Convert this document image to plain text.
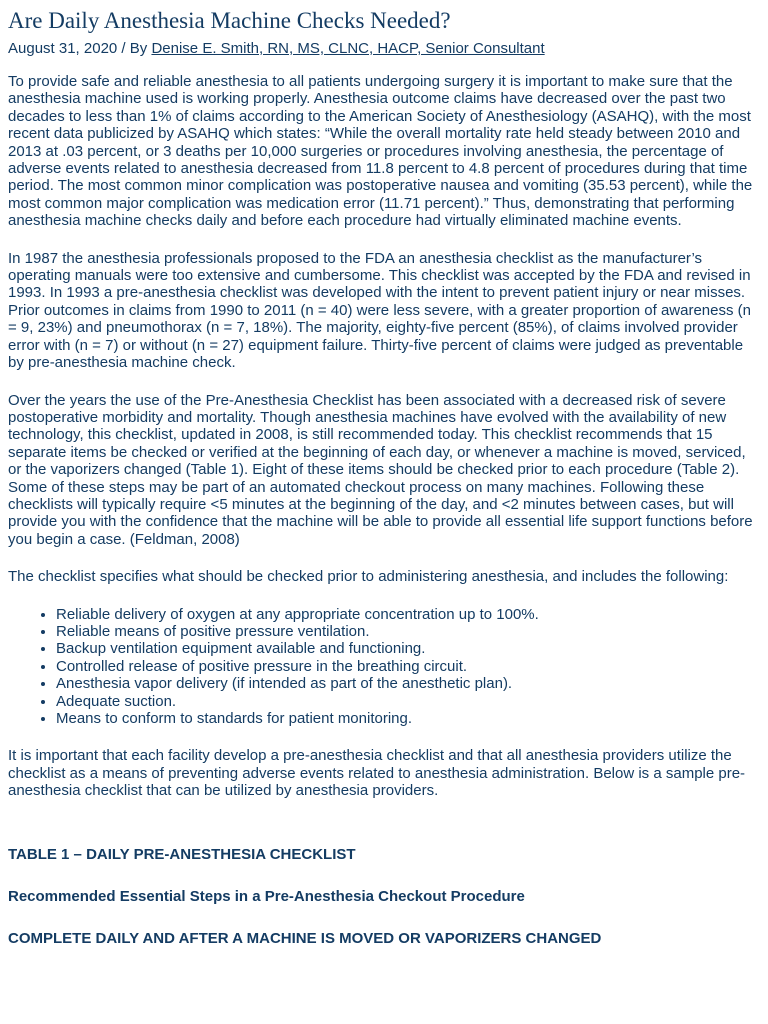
Are Daily Anesthesia Machine Checks Needed?
August 31, 2020 / By Denise E. Smith, RN, MS, CLNC, HACP, Senior Consultant

To provide safe and reliable anesthesia to all patients undergoing surgery it is important to make sure that the anesthesia machine used is working properly. Anesthesia outcome claims have decreased over the past two decades to less than 1% of claims according to the American Society of Anesthesiology (ASAHQ), with the most recent data publicized by ASAHQ which states: “While the overall mortality rate held steady between 2010 and 2013 at .03 percent, or 3 deaths per 10,000 surgeries or procedures involving anesthesia, the percentage of adverse events related to anesthesia decreased from 11.8 percent to 4.8 percent of procedures during that time period. The most common minor complication was postoperative nausea and vomiting (35.53 percent), while the most common major complication was medication error (11.71 percent).” Thus, demonstrating that performing anesthesia machine checks daily and before each procedure had virtually eliminated machine events.

In 1987 the anesthesia professionals proposed to the FDA an anesthesia checklist as the manufacturer’s operating manuals were too extensive and cumbersome. This checklist was accepted by the FDA and revised in 1993. In 1993 a pre-anesthesia checklist was developed with the intent to prevent patient injury or near misses. Prior outcomes in claims from 1990 to 2011 (n = 40) were less severe, with a greater proportion of awareness (n = 9, 23%) and pneumothorax (n = 7, 18%). The majority, eighty-five percent (85%), of claims involved provider error with (n = 7) or without (n = 27) equipment failure. Thirty-five percent of claims were judged as preventable by pre-anesthesia machine check.

Over the years the use of the Pre-Anesthesia Checklist has been associated with a decreased risk of severe postoperative morbidity and mortality. Though anesthesia machines have evolved with the availability of new technology, this checklist, updated in 2008, is still recommended today. This checklist recommends that 15 separate items be checked or verified at the beginning of each day, or whenever a machine is moved, serviced, or the vaporizers changed (Table 1). Eight of these items should be checked prior to each procedure (Table 2). Some of these steps may be part of an automated checkout process on many machines. Following these checklists will typically require <5 minutes at the beginning of the day, and <2 minutes between cases, but will provide you with the confidence that the machine will be able to provide all essential life support functions before you begin a case. (Feldman, 2008)

The checklist specifies what should be checked prior to administering anesthesia, and includes the following:

• Reliable delivery of oxygen at any appropriate concentration up to 100%.
• Reliable means of positive pressure ventilation.
• Backup ventilation equipment available and functioning.
• Controlled release of positive pressure in the breathing circuit.
• Anesthesia vapor delivery (if intended as part of the anesthetic plan).
• Adequate suction.
• Means to conform to standards for patient monitoring.

It is important that each facility develop a pre-anesthesia checklist and that all anesthesia providers utilize the checklist as a means of preventing adverse events related to anesthesia administration. Below is a sample pre-anesthesia checklist that can be utilized by anesthesia providers.

TABLE 1 – DAILY PRE-ANESTHESIA CHECKLIST
Recommended Essential Steps in a Pre-Anesthesia Checkout Procedure
COMPLETE DAILY AND AFTER A MACHINE IS MOVED OR VAPORIZERS CHANGED
